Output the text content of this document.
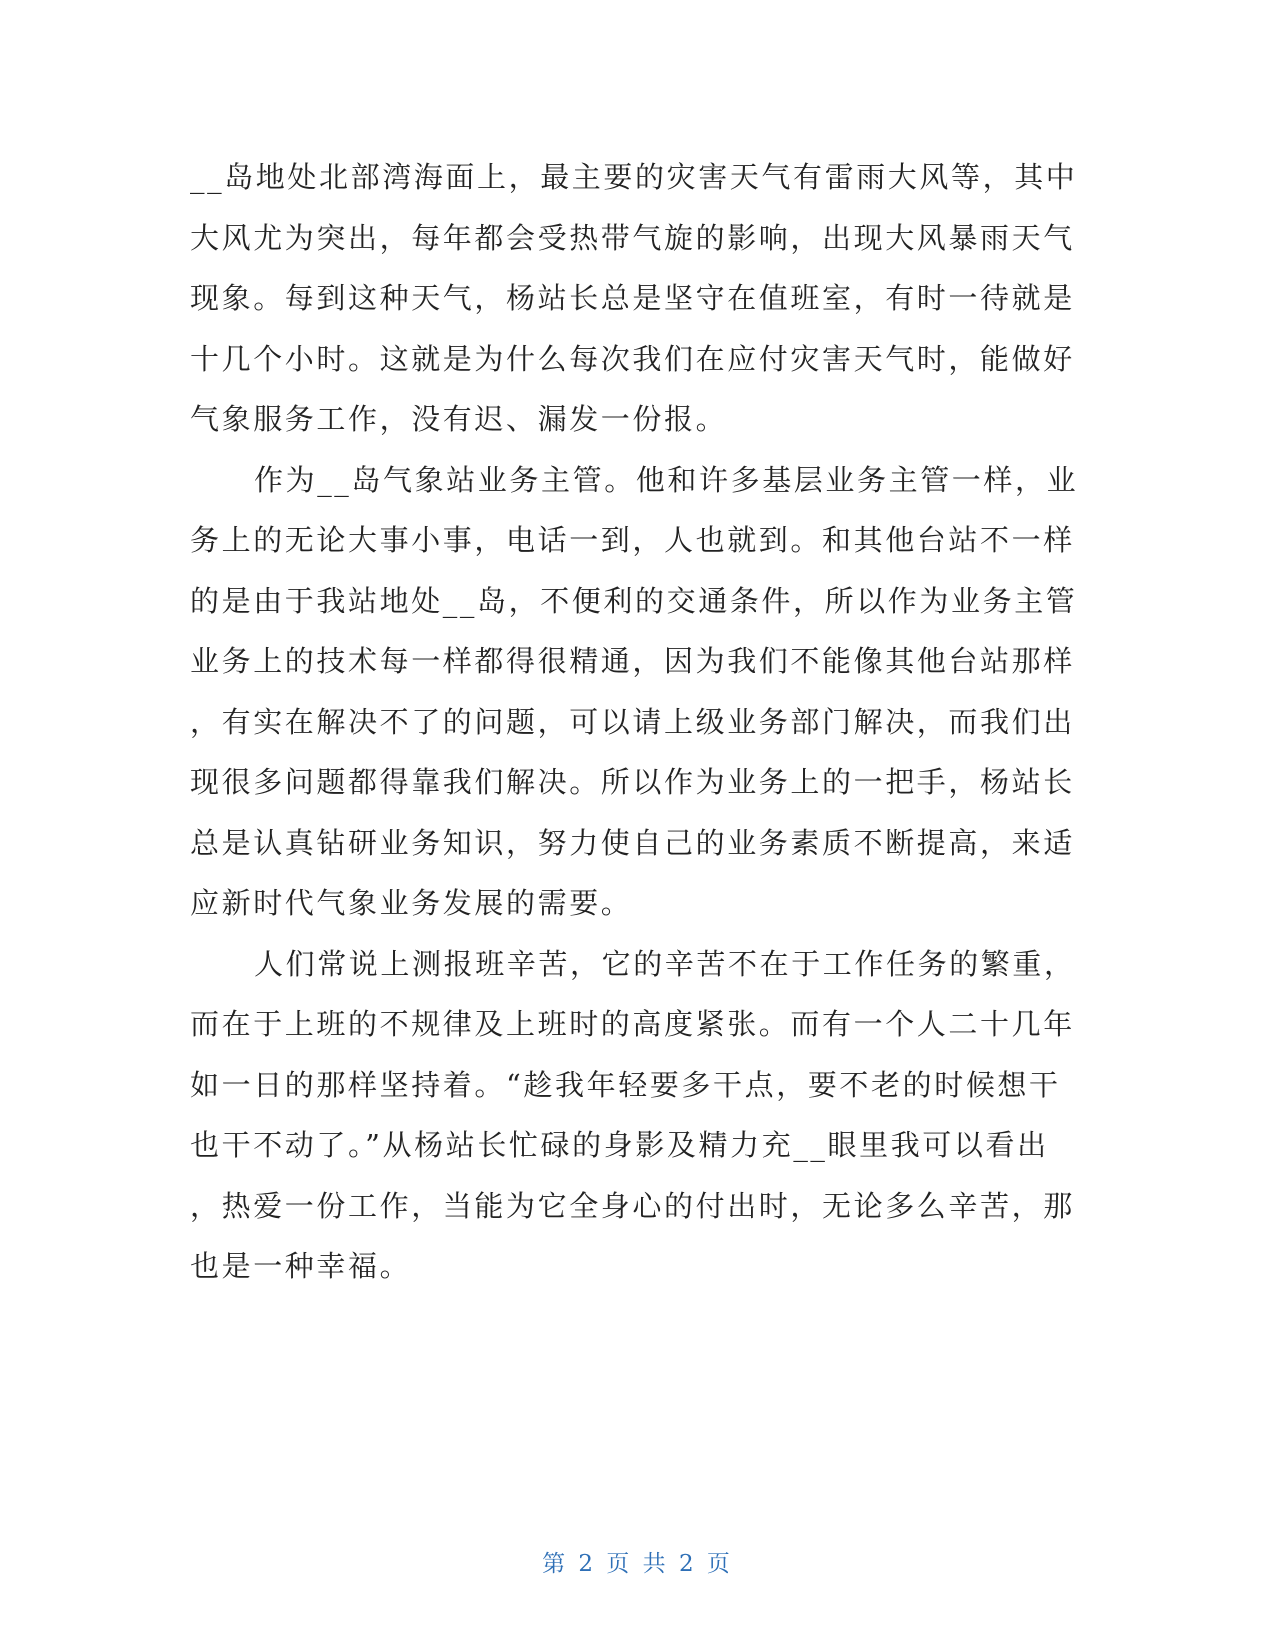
__岛地处北部湾海面上，最主要的灾害天气有雷雨大风等，其中
大风尤为突出，每年都会受热带气旋的影响，出现大风暴雨天气
现象。每到这种天气，杨站长总是坚守在值班室，有时一待就是
十几个小时。这就是为什么每次我们在应付灾害天气时，能做好
气象服务工作，没有迟、漏发一份报。

作为__岛气象站业务主管。他和许多基层业务主管一样，业
务上的无论大事小事，电话一到，人也就到。和其他台站不一样
的是由于我站地处__岛，不便利的交通条件，所以作为业务主管
业务上的技术每一样都得很精通，因为我们不能像其他台站那样
，有实在解决不了的问题，可以请上级业务部门解决，而我们出
现很多问题都得靠我们解决。所以作为业务上的一把手，杨站长
总是认真钻研业务知识，努力使自己的业务素质不断提高，来适
应新时代气象业务发展的需要。

人们常说上测报班辛苦，它的辛苦不在于工作任务的繁重，
而在于上班的不规律及上班时的高度紧张。而有一个人二十几年
如一日的那样坚持着。“趁我年轻要多干点，要不老的时候想干
也干不动了。”从杨站长忙碌的身影及精力充__眼里我可以看出
，热爱一份工作，当能为它全身心的付出时，无论多么辛苦，那
也是一种幸福。

第 2 页 共 2 页
